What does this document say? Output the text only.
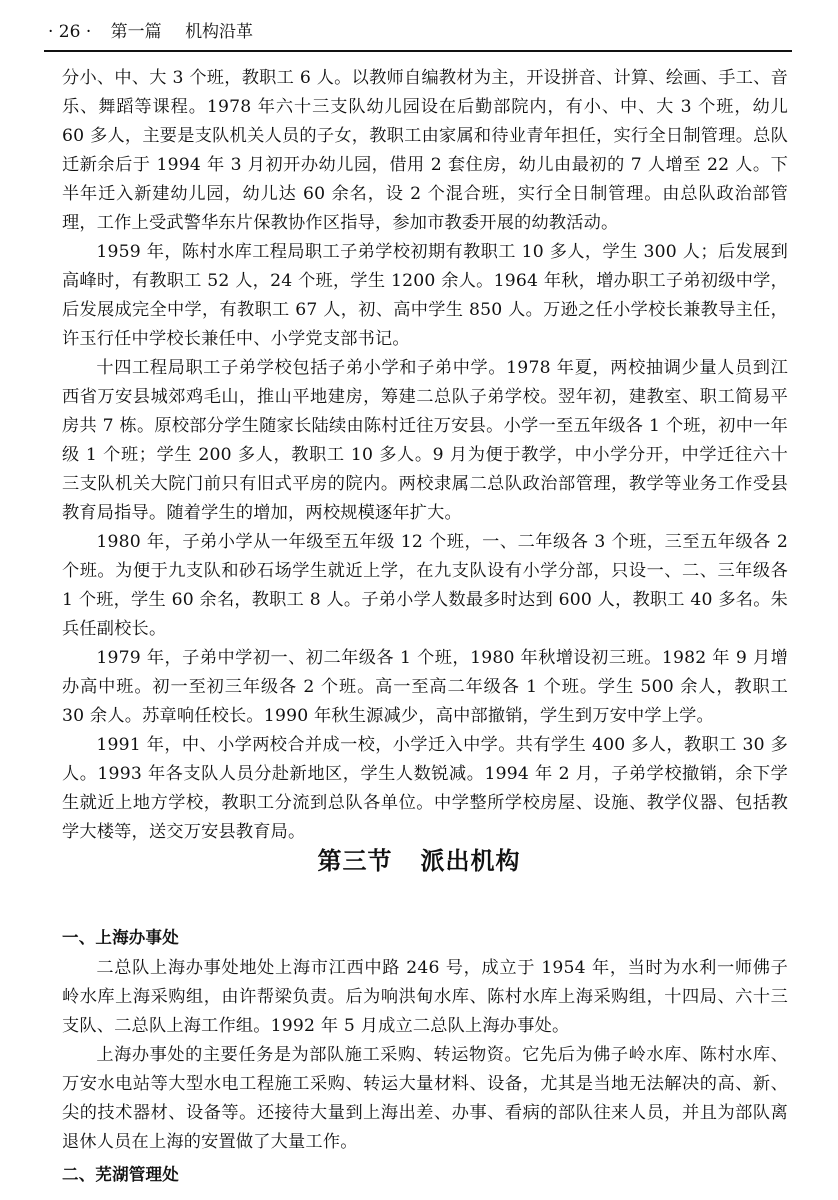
· 26 · 第一篇 机构沿革

分小、中、大 3 个班，教职工 6 人。以教师自编教材为主，开设拼音、计算、绘画、手工、音乐、舞蹈等课程。1978 年六十三支队幼儿园设在后勤部院内，有小、中、大 3 个班，幼儿 60 多人，主要是支队机关人员的子女，教职工由家属和待业青年担任，实行全日制管理。总队迁新余后于 1994 年 3 月初开办幼儿园，借用 2 套住房，幼儿由最初的 7 人增至 22 人。下半年迁入新建幼儿园，幼儿达 60 余名，设 2 个混合班，实行全日制管理。由总队政治部管理，工作上受武警华东片保教协作区指导，参加市教委开展的幼教活动。

1959 年，陈村水库工程局职工子弟学校初期有教职工 10 多人，学生 300 人；后发展到高峰时，有教职工 52 人，24 个班，学生 1200 余人。1964 年秋，增办职工子弟初级中学，后发展成完全中学，有教职工 67 人，初、高中学生 850 人。万逊之任小学校长兼教导主任，许玉行任中学校长兼任中、小学党支部书记。

十四工程局职工子弟学校包括子弟小学和子弟中学。1978 年夏，两校抽调少量人员到江西省万安县城郊鸡毛山，推山平地建房，筹建二总队子弟学校。翌年初，建教室、职工简易平房共 7 栋。原校部分学生随家长陆续由陈村迁往万安县。小学一至五年级各 1 个班，初中一年级 1 个班；学生 200 多人，教职工 10 多人。9 月为便于教学，中小学分开，中学迁往六十三支队机关大院门前只有旧式平房的院内。两校隶属二总队政治部管理，教学等业务工作受县教育局指导。随着学生的增加，两校规模逐年扩大。

1980 年，子弟小学从一年级至五年级 12 个班，一、二年级各 3 个班，三至五年级各 2 个班。为便于九支队和砂石场学生就近上学，在九支队设有小学分部，只设一、二、三年级各 1 个班，学生 60 余名，教职工 8 人。子弟小学人数最多时达到 600 人，教职工 40 多名。朱兵任副校长。

1979 年，子弟中学初一、初二年级各 1 个班，1980 年秋增设初三班。1982 年 9 月增办高中班。初一至初三年级各 2 个班。高一至高二年级各 1 个班。学生 500 余人，教职工 30 余人。苏章响任校长。1990 年秋生源减少，高中部撤销，学生到万安中学上学。

1991 年，中、小学两校合并成一校，小学迁入中学。共有学生 400 多人，教职工 30 多人。1993 年各支队人员分赴新地区，学生人数锐减。1994 年 2 月，子弟学校撤销，余下学生就近上地方学校，教职工分流到总队各单位。中学整所学校房屋、设施、教学仪器、包括教学大楼等，送交万安县教育局。

第三节 派出机构
一、上海办事处

二总队上海办事处地处上海市江西中路 246 号，成立于 1954 年，当时为水利一师佛子岭水库上海采购组，由许帮梁负责。后为响洪甸水库、陈村水库上海采购组，十四局、六十三支队、二总队上海工作组。1992 年 5 月成立二总队上海办事处。

上海办事处的主要任务是为部队施工采购、转运物资。它先后为佛子岭水库、陈村水库、万安水电站等大型水电工程施工采购、转运大量材料、设备，尤其是当地无法解决的高、新、尖的技术器材、设备等。还接待大量到上海出差、办事、看病的部队往来人员，并且为部队离退休人员在上海的安置做了大量工作。

二、芜湖管理处
